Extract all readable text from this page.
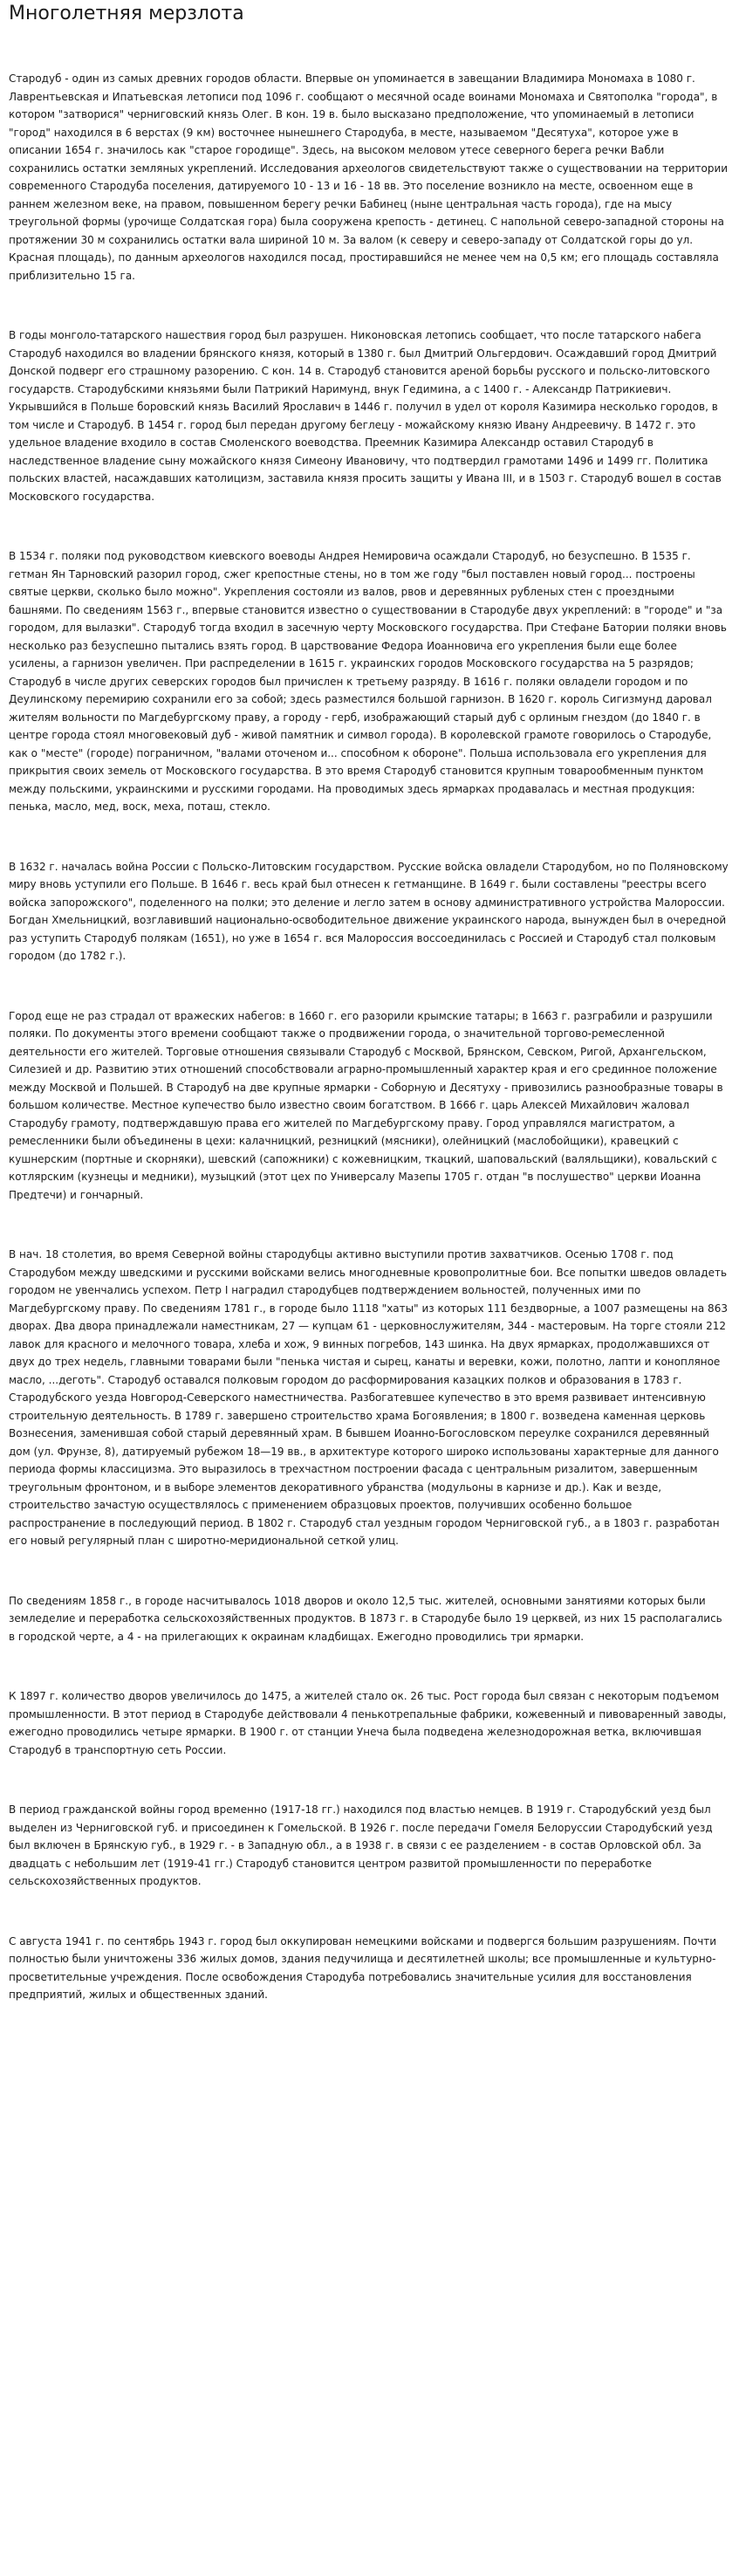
Многолетняя мерзлота

Стародуб - один из самых древних городов области. Впервые он упоминается в завещании Владимира Мономаха в 1080 г. Лаврентьевская и Ипатьевская летописи под 1096 г. сообщают о месячной осаде воинами Мономаха и Святополка "города", в котором "затворися" черниговский князь Олег. В кон. 19 в. было высказано предположение, что упоминаемый в летописи "город" находился в 6 верстах (9 км) восточнее нынешнего Стародуба, в месте, называемом "Десятуха", которое уже в описании 1654 г. значилось как "старое городище". Здесь, на высоком меловом утесе северного берега речки Вабли сохранились остатки земляных укреплений. Исследования археологов свидетельствуют также о существовании на территории современного Стародуба поселения, датируемого 10 - 13 и 16 - 18 вв. Это поселение возникло на месте, освоенном еще в раннем железном веке, на правом, повышенном берегу речки Бабинец (ныне центральная часть города), где на мысу треугольной формы (урочище Солдатская гора) была сооружена крепость - детинец. С напольной северо-западной стороны на протяжении 30 м сохранились остатки вала шириной 10 м. За валом (к северу и северо-западу от Солдатской горы до ул. Красная площадь), по данным археологов находился посад, простиравшийся не менее чем на 0,5 км; его площадь составляла приблизительно 15 га.

В годы монголо-татарского нашествия город был разрушен. Никоновская летопись сообщает, что после татарского набега Стародуб находился во владении брянского князя, который в 1380 г. был Дмитрий Ольгердович. Осаждавший город Дмитрий Донской подверг его страшному разорению. С кон. 14 в. Стародуб становится ареной борьбы русского и польско-литовского государств. Стародубскими князьями были Патрикий Наримунд, внук Гедимина, а с 1400 г. - Александр Патрикиевич. Укрывшийся в Польше боровский князь Василий Ярославич в 1446 г. получил в удел от короля Казимира несколько городов, в том числе и Стародуб. В 1454 г. город был передан другому беглецу - можайскому князю Ивану Андреевичу. В 1472 г. это удельное владение входило в состав Смоленского воеводства. Преемник Казимира Александр оставил Стародуб в наследственное владение сыну можайского князя Симеону Ивановичу, что подтвердил грамотами 1496 и 1499 гг. Политика польских властей, насаждавших католицизм, заставила князя просить защиты у Ивана III, и в 1503 г. Стародуб вошел в состав Московского государства.

В 1534 г. поляки под руководством киевского воеводы Андрея Немировича осаждали Стародуб, но безуспешно. В 1535 г. гетман Ян Тарновский разорил город, сжег крепостные стены, но в том же году "был поставлен новый город... построены святые церкви, сколько было можно". Укрепления состояли из валов, рвов и деревянных рубленых стен с проездными башнями. По сведениям 1563 г., впервые становится известно о существовании в Стародубе двух укреплений: в "городе" и "за городом, для вылазки". Стародуб тогда входил в засечную черту Московского государства. При Стефане Батории поляки вновь несколько раз безуспешно пытались взять город. В царствование Федора Иоанновича его укрепления были еще более усилены, а гарнизон увеличен. При распределении в 1615 г. украинских городов Московского государства на 5 разрядов; Стародуб в числе других северских городов был причислен к третьему разряду. В 1616 г. поляки овладели городом и по Деулинскому перемирию сохранили его за собой; здесь разместился большой гарнизон. В 1620 г. король Сигизмунд даровал жителям вольности по Магдебургскому праву, а городу - герб, изображающий старый дуб с орлиным гнездом (до 1840 г. в центре города стоял многовековый дуб - живой памятник и символ города). В королевской грамоте говорилось о Стародубе, как о "месте" (городе) пограничном, "валами оточеном и... способном к обороне". Польша использовала его укрепления для прикрытия своих земель от Московского государства. В это время Стародуб становится крупным товарообменным пунктом между польскими, украинскими и русскими городами. На проводимых здесь ярмарках продавалась и местная продукция: пенька, масло, мед, воск, меха, поташ, стекло.

В 1632 г. началась война России с Польско-Литовским государством. Русские войска овладели Стародубом, но по Поляновскому миру вновь уступили его Польше. В 1646 г. весь край был отнесен к гетманщине. В 1649 г. были составлены "реестры всего войска запорожского", поделенного на полки; это деление и легло затем в основу административного устройства Малороссии. Богдан Хмельницкий, возглавивший национально-освободительное движение украинского народа, вынужден был в очередной раз уступить Стародуб полякам (1651), но уже в 1654 г. вся Малороссия воссоединилась с Россией и Стародуб стал полковым городом (до 1782 г.).

Город еще не раз страдал от вражеских набегов: в 1660 г. его разорили крымские татары; в 1663 г. разграбили и разрушили поляки. По документы этого времени сообщают также о продвижении города, о значительной торгово-ремесленной деятельности его жителей. Торговые отношения связывали Стародуб с Москвой, Брянском, Севском, Ригой, Архангельском, Силезией и др. Развитию этих отношений способствовали аграрно-промышленный характер края и его срединное положение между Москвой и Польшей. В Стародуб на две крупные ярмарки - Соборную и Десятуху - привозились разнообразные товары в большом количестве. Местное купечество было известно своим богатством. В 1666 г. царь Алексей Михайлович жаловал Стародубу грамоту, подтверждавшую права его жителей по Магдебургскому праву. Город управлялся магистратом, а ремесленники были объединены в цехи: калачницкий, резницкий (мясники), олейницкий (маслобойщики), кравецкий с кушнерским (портные и скорняки), шевский (сапожники) с кожевницким, ткацкий, шаповальский (валяльщики), ковальский с котлярским (кузнецы и медники), музыцкий (этот цех по Универсалу Мазепы 1705 г. отдан "в послушество" церкви Иоанна Предтечи) и гончарный.

В нач. 18 столетия, во время Северной войны стародубцы активно выступили против захватчиков. Осенью 1708 г. под Стародубом между шведскими и русскими войсками велись многодневные кровопролитные бои. Все попытки шведов овладеть городом не увенчались успехом. Петр I наградил стародубцев подтверждением вольностей, полученных ими по Магдебургскому праву. По сведениям 1781 г., в городе было 1118 "хаты" из которых 111 бездворные, а 1007 размещены на 863 дворах. Два двора принадлежали наместникам, 27 — купцам 61 - церковнослужителям, 344 - мастеровым. На торге стояли 212 лавок для красного и мелочного товара, хлеба и хож, 9 винных погребов, 143 шинка. На двух ярмарках, продолжавшихся от двух до трех недель, главными товарами были "пенька чистая и сырец, канаты и веревки, кожи, полотно, лапти и конопляное масло, ...деготь". Стародуб оставался полковым городом до расформирования казацких полков и образования в 1783 г. Стародубского уезда Новгород-Северского наместничества. Разбогатевшее купечество в это время развивает интенсивную строительную деятельность. В 1789 г. завершено строительство храма Богоявления; в 1800 г. возведена каменная церковь Вознесения, заменившая собой старый деревянный храм. В бывшем Иоанно-Богословском переулке сохранился деревянный дом (ул. Фрунзе, 8), датируемый рубежом 18—19 вв., в архитектуре которого широко использованы характерные для данного периода формы классицизма. Это выразилось в трехчастном построении фасада с центральным ризалитом, завершенным треугольным фронтоном, и в выборе элементов декоративного убранства (модульоны в карнизе и др.). Как и везде, строительство зачастую осуществлялось с применением образцовых проектов, получивших особенно большое распространение в последующий период. В 1802 г. Стародуб стал уездным городом Черниговской губ., а в 1803 г. разработан его новый регулярный план с широтно-меридиональной сеткой улиц.

По сведениям 1858 г., в городе насчитывалось 1018 дворов и около 12,5 тыс. жителей, основными занятиями которых были земледелие и переработка сельскохозяйственных продуктов. В 1873 г. в Стародубе было 19 церквей, из них 15 располагались в городской черте, а 4 - на прилегающих к окраинам кладбищах. Ежегодно проводились три ярмарки.

К 1897 г. количество дворов увеличилось до 1475, а жителей стало ок. 26 тыс. Рост города был связан с некоторым подъемом промышленности. В этот период в Стародубе действовали 4 пенькотрепальные фабрики, кожевенный и пивоваренный заводы, ежегодно проводились четыре ярмарки. В 1900 г. от станции Унеча была подведена железнодорожная ветка, включившая Стародуб в транспортную сеть России.

В период гражданской войны город временно (1917-18 гг.) находился под властью немцев. В 1919 г. Стародубский уезд был выделен из Черниговской губ. и присоединен к Гомельской. В 1926 г. после передачи Гомеля Белоруссии Стародубский уезд был включен в Брянскую губ., в 1929 г. - в Западную обл., а в 1938 г. в связи с ее разделением - в состав Орловской обл. За двадцать с небольшим лет (1919-41 гг.) Стародуб становится центром развитой промышленности по переработке сельскохозяйственных продуктов.

С августа 1941 г. по сентябрь 1943 г. город был оккупирован немецкими войсками и подвергся большим разрушениям. Почти полностью были уничтожены 336 жилых домов, здания педучилища и десятилетней школы; все промышленные и культурно-просветительные учреждения. После освобождения Стародуба потребовались значительные усилия для восстановления предприятий, жилых и общественных зданий.
